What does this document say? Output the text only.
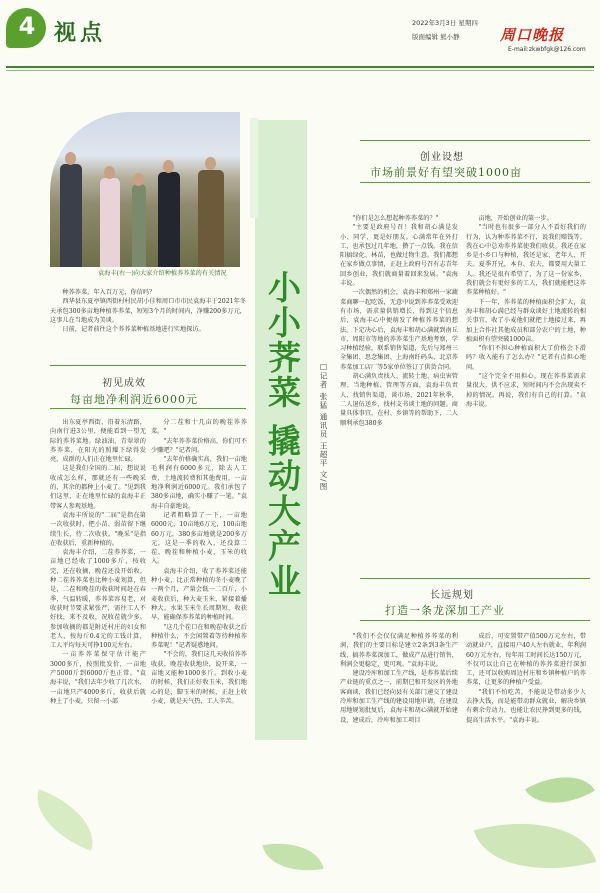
4 视点	2022年3月3日 星期四
版面编辑 熊小静	周口晚报
E-mail:zkwbfgk@126.com
袁海丰(右一)向大家介绍种植荞荞菜的有关情况

种荞荞菜，年入百万元，你信吗？

西华县东夏亭镇西街村村民胡小佳和周口市市民袁海丰于2021年冬天承包300多亩地种植荞荞菜，短短3个月的时间内，净赚200多万元，这事儿在当地成为美谈。

日前，记者前往这个荞荞菜种植基地进行实地探访。	小小荠菜 撬动大产业	□记者 张猛 通讯员 王超平 文/图
初见成效
每亩地净利润近6000元

出东夏亭西街，沿着东清路，向南行进3公里，便能看到一望无际的荞荞菜地。绿油油、青翠翠的荞荞菜，在阳光的照耀下绿得发亮，成群的人们正在地里忙碌。

这是我们全国的二届，想说说收成怎么样，那就还有一些晚采的，其余的都种上小麦了。"见到我们这里，正在地里忙碌的袁海丰正带客人参观基地。

袁海丰所说的"二届"是指在第一次收获时，把小苗、弱苗留下继续生长，待二次收获。"晚采"是指在收获后，重新种植的。

袁海丰介绍，二茬荞荞菜，一亩地已经收了1000多斤，按收完，还在收摘，晚茬还没开始收。种二茬荞荞菜也比种小麦划算，但是，二茬和晚茬的收获时间赶在春季，气温转暖，荞荞菜容易老，对收获时节要求紧张严，需往工人不好找，来不及收，况收茬就少多。参加收摘的都是附近村庄的妇女和老人，按每斤0.4元的工钱计算，工人平均每天可挣100元左右。

一亩荞荞菜保守估计能产3000多斤，按照批发价，一亩地产5000斤到6000斤也正常。"袁海丰说，"我们去年少收了几次水，一亩地只产4000多斤，收获后就种上了小麦，只留一小部

分二茬和十几亩的晚茬荞荞菜。"

"去年荞荞菜价格高，你们可不少赚吧？"记者问。

"去年价格确实高，我们一亩地毛利润有6000多元，除去人工费、土地流转费和其他费用，一亩地净利润近6000元。我们承包了380多亩地，确实小赚了一笔。"袁海丰自豪地说。

记者粗略算了一下，一亩地6000元，10亩地6万元，100亩地60万元，380多亩地就是200多万元，这是一季的收入，还没算二茬、晚茬和种植小麦、玉米的收入。

袁海丰介绍，收了荞荞菜还能种小麦，比正常种植的冬小麦晚了一两个月，产量会低一二百斤，小麦收获后，种大麦玉米，紧接着播种大。水果玉米生长周期短，收获早，能确保荞荞菜的种植时间。

"这几个茬口在和晚茬收获之后种植什么，不会闲置着等待种植荞荞菜呢！"记者疑惑地问。

"不会的，我们这几天收拾荞荞收获，晚茬收获地块，说开来，一亩地又能种1000多斤。到收小麦的时候，我们正好收玉米，我们地心的是，脚玉米的时候，正赶上收小麦，就是天气热，工人辛苦。

创业设想
市场前景好有望突破1000亩

"你们是怎么想起种荞荞菜的？"

"主要是政府号召！我和胡心满是发小、同学，更是好朋友。心满常年在外打工，也承包过几年地，攒了一点钱。我在信阳搞绿化、林苗，也做过物生意。我们都想在家乡做点事情，正赶上政府号召有志青年回乡创业，我们就商量着回来发展。"袁海丰说。

一次偶然的机会，袁海丰和郑州一家蔬菜商聊一起吃饭，无意中说到荞荞菜受欢迎有市场，需求量供销增长，得到这个信息后，袁海丰心中便萌发了种植荞荞菜的想法。下定决心后，袁海丰和胡心满就到南丘市、周阳市等地的荞荞菜生产基地考察，学习种植经验，联系销售渠道，先后与郑州三全集团、思念集团、上海南纤码头、北京荞荞菜加工店厂等5家单位签订了供货合同。

胡心满负责找人、流转土地、病虫害管理、当地种植、管理等方面，袁海丰负责人、找销售渠道，谈市场，2021年秋季，二人退伍送乡，找村支书谈土地的问题。商量具体事宜，在村、乡镇等的帮助下，二人顺利承包380多

亩地，开始创业的第一步。

"当时也有很多一部分人不看好我们的行为，认为种荞荞菜不行，说我们赔钱等。我在心中总劝荞荞菜使我们收获。我还在家乡是小乡口与种植，我还是家、老年人、开夫。夏季开兄，本肯、农夫，都要用大量工人。我还是很有希望了，为了这一份家乡，我们就会有更好多的工人，我们就能把这荞荞菜种植好。"

下一年，荞荞菜的种植面积会扩大，袁海丰和胡心满已经与群众谈好土地流转的相关事宜，收了小麦他们就把土地接过来，再加上合作社其他成员和部分农户的土地，种植面积有望突破1000亩。

"你们不担心种植面积大了价格会下滑吗？收入能有了怎么办？"记者有点担心地问。

"这个完全不用担心，现在荞荞菜需求量很大，供不应求，短时间内不会出现卖不掉的情况。再说，我们有自己的打算。"袁海丰说。

长远规划
打造一条龙深加工产业

"我们不会仅仅满足种植荞荞菜的利润，我们的主要目标是建立2条到3条生产线，搞荞荞菜深加工，做成产品进行销售，利润会更稳定，更可观。"袁海丰说。

建设冷库和加工生产线，是荞荞菜后续产业链的重点之一，前期已和开发区的外地客商谈，我们已经向县有关部门递交了建设冷库和加工生产线的建设用地申请，在建设用地规划批复后，袁海丰和胡心满就开始建设，建成后，冷库和加工项目

成后，可安置带产值500万元左右，带动就业户，直接用户40人左右就业，年利润60万元左右，每年用工时间长达150万元，不仅可以让自己在种植的荞荞菜进行深加工，还可以收购周边村庄和乡镇种植户的荞荞菜，让更多的种植户受益。

"我们不怕吃苦，不能说是带动多少人去挣大钱，而是能带动群众就业，解决乡镇有剩余劳动力，也能让农民挣到更多的钱，提高生活水平。"袁海丰说。
